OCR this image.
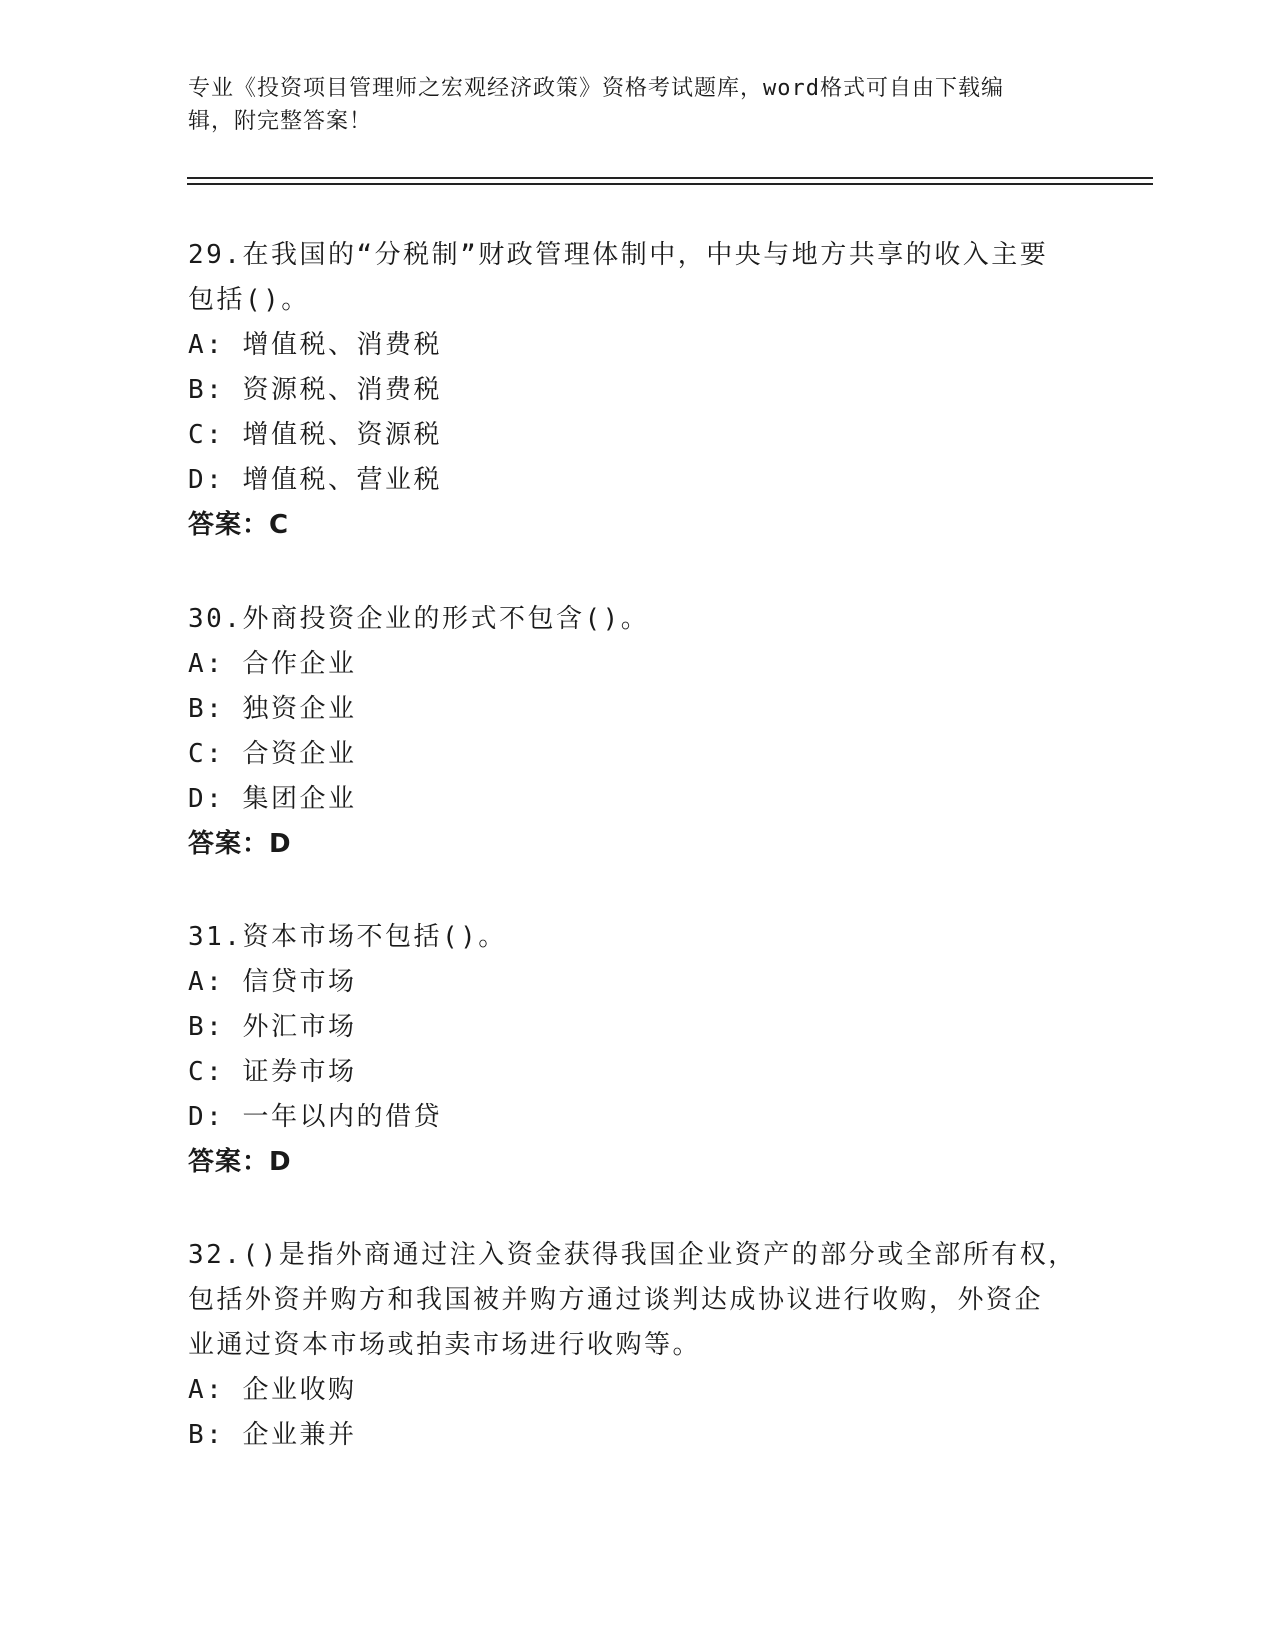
专业《投资项目管理师之宏观经济政策》资格考试题库，word格式可自由下载编
辑，附完整答案！
29.在我国的“分税制”财政管理体制中，中央与地方共享的收入主要
包括()。
A: 增值税、消费税
B: 资源税、消费税
C: 增值税、资源税
D: 增值税、营业税
答案：C
30.外商投资企业的形式不包含()。
A: 合作企业
B: 独资企业
C: 合资企业
D: 集团企业
答案：D
31.资本市场不包括()。
A: 信贷市场
B: 外汇市场
C: 证券市场
D: 一年以内的借贷
答案：D
32.()是指外商通过注入资金获得我国企业资产的部分或全部所有权，
包括外资并购方和我国被并购方通过谈判达成协议进行收购，外资企
业通过资本市场或拍卖市场进行收购等。
A: 企业收购
B: 企业兼并
